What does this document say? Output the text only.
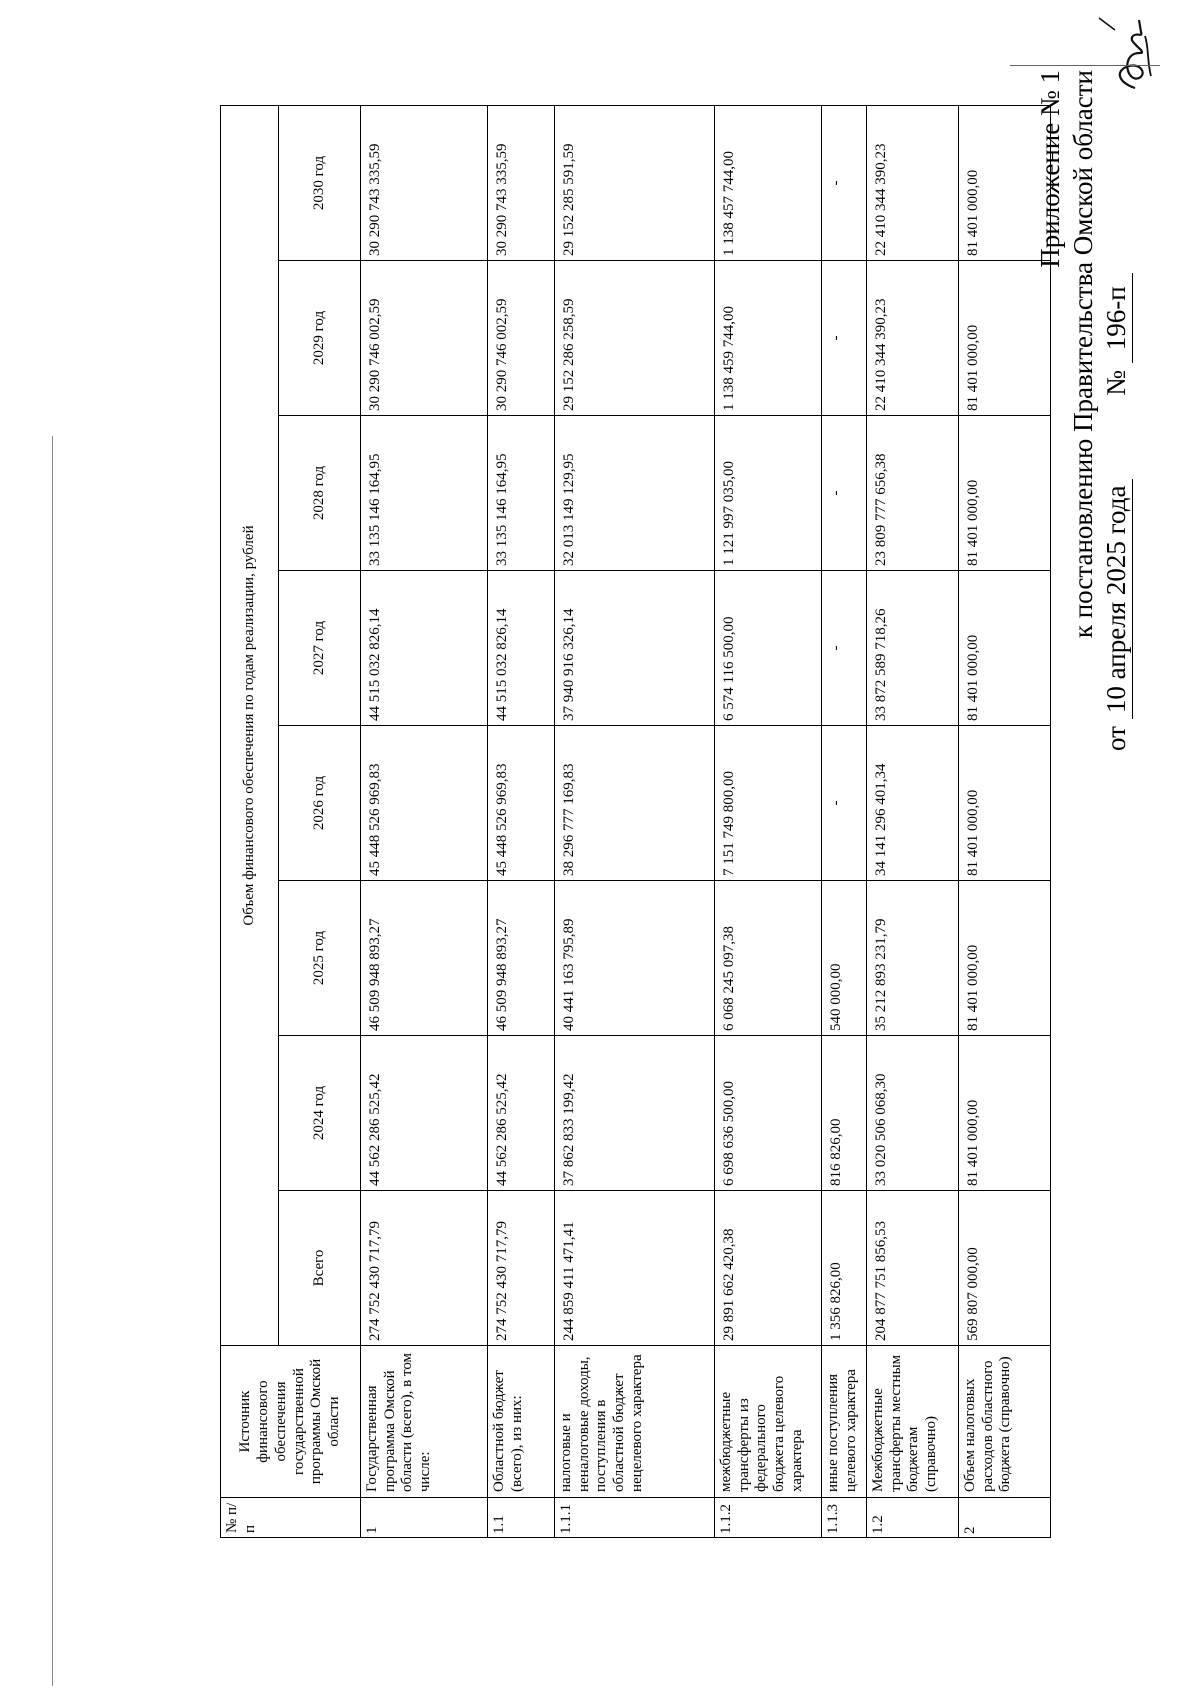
Приложение № 1 к постановлению Правительства Омской области
от 10 апреля 2025 года  № 196-п
№ п/п	Источник финансового обеспечения государственной программы Омской области	Объем финансового обеспечения по годам реализации, рублей							
		Всего	2024 год	2025 год	2026 год	2027 год	2028 год	2029 год	2030 год
1	Государственная программа Омской области (всего), в том числе:	274 752 430 717,79	44 562 286 525,42	46 509 948 893,27	45 448 526 969,83	44 515 032 826,14	33 135 146 164,95	30 290 746 002,59	30 290 743 335,59
1.1	Областной бюджет (всего), из них:	274 752 430 717,79	44 562 286 525,42	46 509 948 893,27	45 448 526 969,83	44 515 032 826,14	33 135 146 164,95	30 290 746 002,59	30 290 743 335,59
1.1.1	налоговые и неналоговые доходы, поступления в областной бюджет нецелевого характера	244 859 411 471,41	37 862 833 199,42	40 441 163 795,89	38 296 777 169,83	37 940 916 326,14	32 013 149 129,95	29 152 286 258,59	29 152 285 591,59
1.1.2	межбюджетные трансферты из федерального бюджета целевого характера	29 891 662 420,38	6 698 636 500,00	6 068 245 097,38	7 151 749 800,00	6 574 116 500,00	1 121 997 035,00	1 138 459 744,00	1 138 457 744,00
1.1.3	иные поступления целевого характера	1 356 826,00	816 826,00	540 000,00	-	-	-	-	-
1.2	Межбюджетные трансферты местным бюджетам (справочно)	204 877 751 856,53	33 020 506 068,30	35 212 893 231,79	34 141 296 401,34	33 872 589 718,26	23 809 777 656,38	22 410 344 390,23	22 410 344 390,23
2	Объем налоговых расходов областного бюджета (справочно)	569 807 000,00	81 401 000,00	81 401 000,00	81 401 000,00	81 401 000,00	81 401 000,00	81 401 000,00	81 401 000,00
